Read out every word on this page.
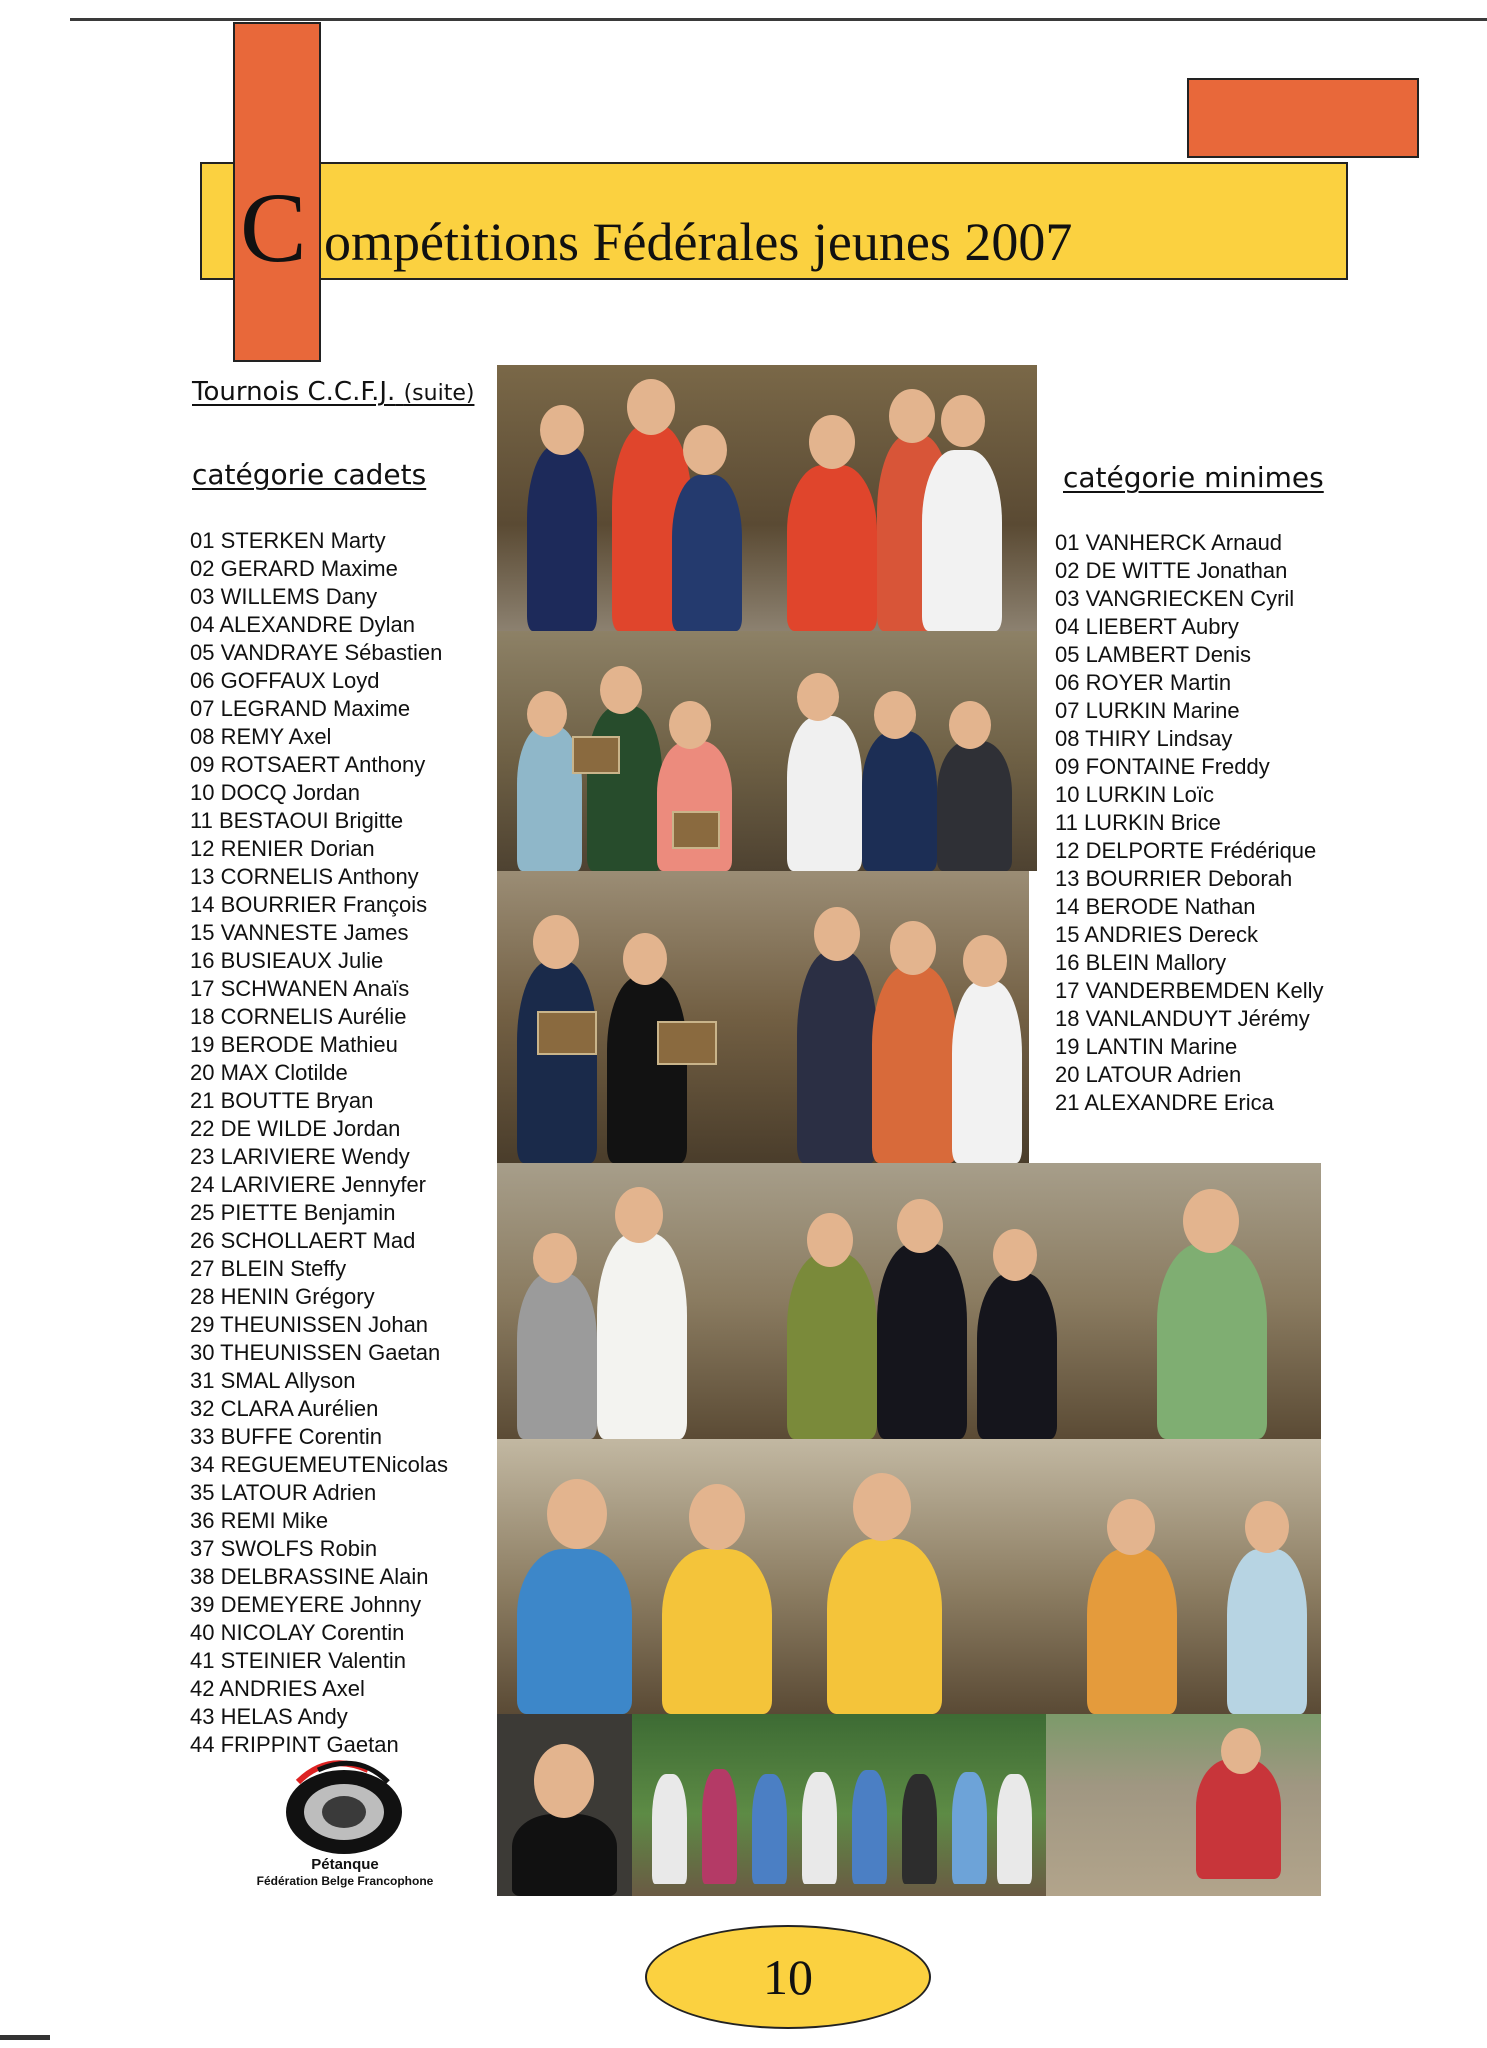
C ompétitions Fédérales jeunes 2007
Tournois C.C.F.J. (suite)
catégorie cadets
01 STERKEN Marty
02 GERARD Maxime
03 WILLEMS Dany
04 ALEXANDRE Dylan
05 VANDRAYE Sébastien
06 GOFFAUX Loyd
07 LEGRAND Maxime
08 REMY Axel
09 ROTSAERT Anthony
10 DOCQ Jordan
11 BESTAOUI Brigitte
12 RENIER Dorian
13 CORNELIS Anthony
14 BOURRIER François
15 VANNESTE James
16 BUSIEAUX Julie
17 SCHWANEN Anaïs
18 CORNELIS Aurélie
19 BERODE Mathieu
20 MAX Clotilde
21 BOUTTE Bryan
22 DE WILDE Jordan
23 LARIVIERE Wendy
24 LARIVIERE Jennyfer
25 PIETTE Benjamin
26 SCHOLLAERT Mad
27 BLEIN Steffy
28 HENIN Grégory
29 THEUNISSEN Johan
30 THEUNISSEN Gaetan
31 SMAL Allyson
32 CLARA Aurélien
33 BUFFE Corentin
34 REGUEMEUTENicolas
35 LATOUR Adrien
36 REMI Mike
37 SWOLFS Robin
38 DELBRASSINE Alain
39 DEMEYERE Johnny
40 NICOLAY Corentin
41 STEINIER Valentin
42 ANDRIES Axel
43 HELAS Andy
44 FRIPPINT Gaetan
catégorie minimes
01 VANHERCK Arnaud
02 DE WITTE Jonathan
03 VANGRIECKEN Cyril
04 LIEBERT Aubry
05 LAMBERT Denis
06 ROYER Martin
07 LURKIN Marine
08 THIRY Lindsay
09 FONTAINE Freddy
10 LURKIN Loïc
11 LURKIN Brice
12 DELPORTE Frédérique
13 BOURRIER Deborah
14 BERODE Nathan
15 ANDRIES Dereck
16 BLEIN Mallory
17 VANDERBEMDEN Kelly
18 VANLANDUYT Jérémy
19 LANTIN Marine
20 LATOUR Adrien
21 ALEXANDRE Erica
Pétanque
Fédération Belge Francophone
10
